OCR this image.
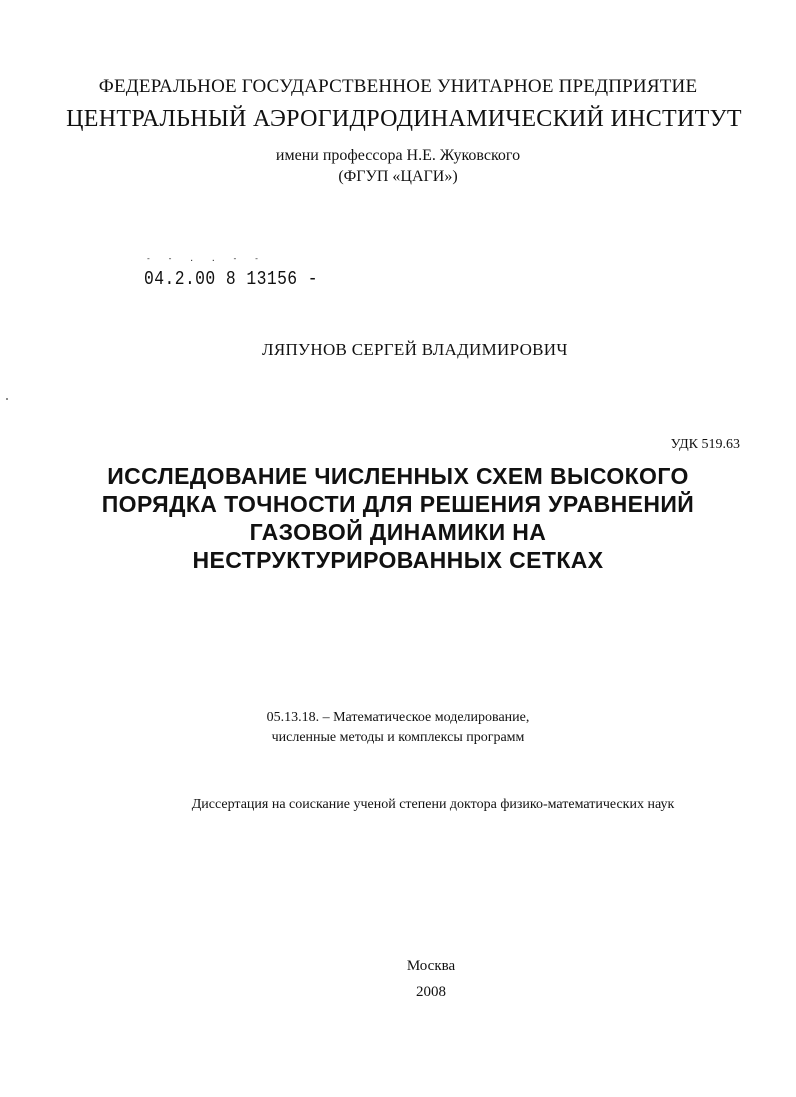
ФЕДЕРАЛЬНОЕ ГОСУДАРСТВЕННОЕ УНИТАРНОЕ ПРЕДПРИЯТИЕ
ЦЕНТРАЛЬНЫЙ АЭРОГИДРОДИНАМИЧЕСКИЙ ИНСТИТУТ
имени профессора Н.Е. Жуковского
(ФГУП «ЦАГИ»)
- - . . - -
04.2.00 8 13156 -
ЛЯПУНОВ СЕРГЕЙ ВЛАДИМИРОВИЧ
УДК 519.63
ИССЛЕДОВАНИЕ ЧИСЛЕННЫХ СХЕМ ВЫСОКОГО
ПОРЯДКА ТОЧНОСТИ ДЛЯ РЕШЕНИЯ УРАВНЕНИЙ
ГАЗОВОЙ ДИНАМИКИ НА
НЕСТРУКТУРИРОВАННЫХ СЕТКАХ
05.13.18. – Математическое моделирование,
численные методы и комплексы программ
Диссертация на соискание ученой степени доктора физико-математических наук
Москва
2008
